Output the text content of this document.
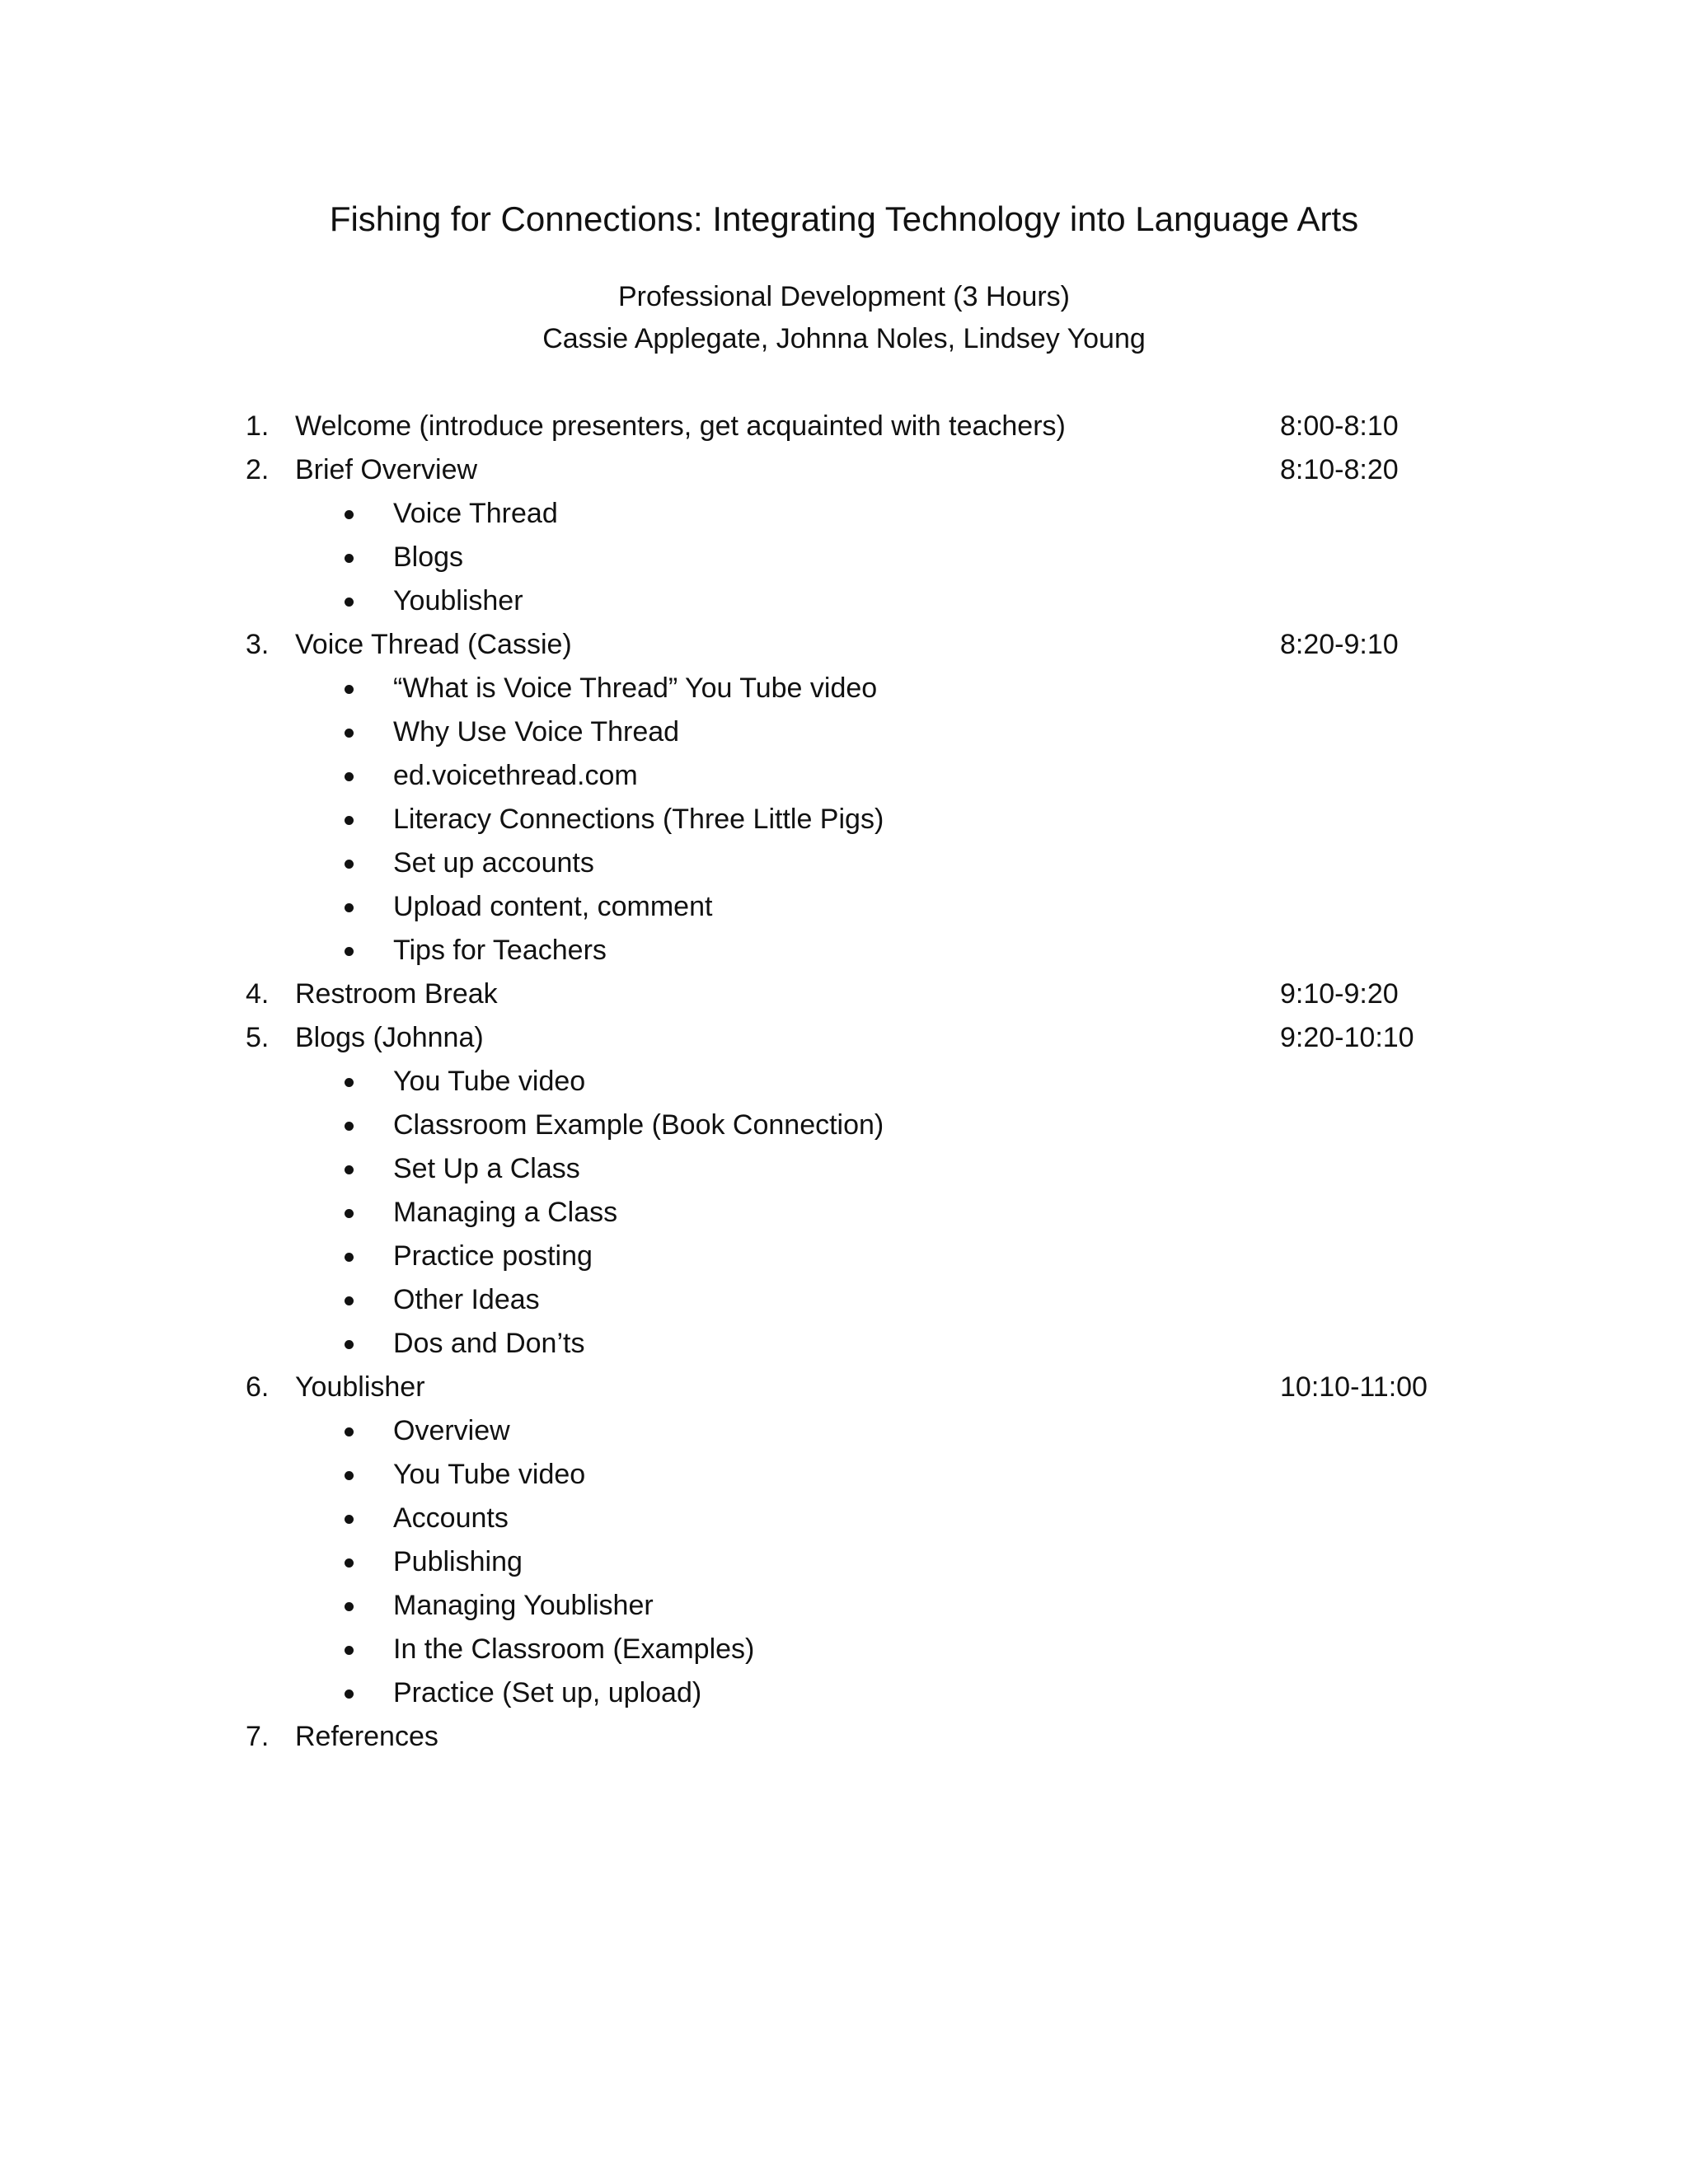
Fishing for Connections: Integrating Technology into Language Arts
Professional Development (3 Hours)
Cassie Applegate, Johnna Noles, Lindsey Young
1. Welcome (introduce presenters, get acquainted with teachers)	8:00-8:10
2. Brief Overview	8:10-8:20
Voice Thread
Blogs
Youblisher
3. Voice Thread (Cassie)	8:20-9:10
“What is Voice Thread” You Tube video
Why Use Voice Thread
ed.voicethread.com
Literacy Connections (Three Little Pigs)
Set up accounts
Upload content, comment
Tips for Teachers
4. Restroom Break	9:10-9:20
5. Blogs (Johnna)	9:20-10:10
You Tube video
Classroom Example (Book Connection)
Set Up a Class
Managing a Class
Practice posting
Other Ideas
Dos and Don’ts
6. Youblisher	10:10-11:00
Overview
You Tube video
Accounts
Publishing
Managing Youblisher
In the Classroom (Examples)
Practice (Set up, upload)
7. References
